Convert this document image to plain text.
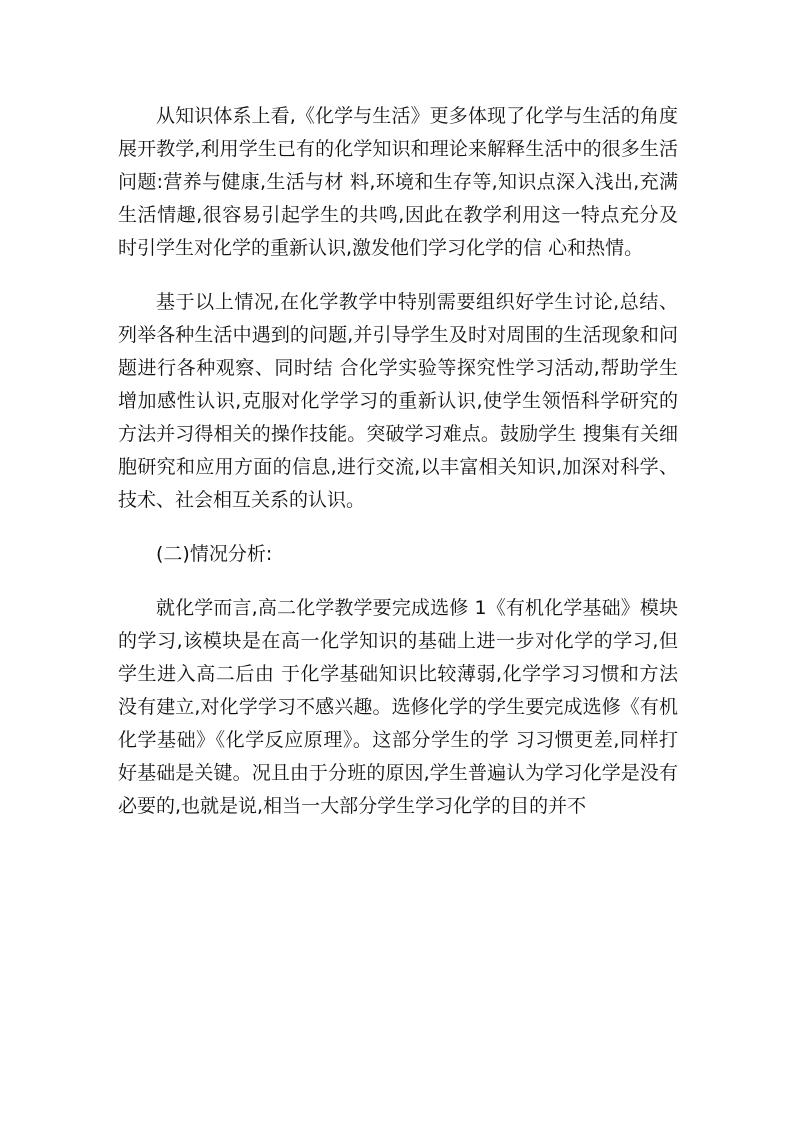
从知识体系上看,《化学与生活》更多体现了化学与生活的角度展开教学,利用学生已有的化学知识和理论来解释生活中的很多生活问题:营养与健康,生活与材 料,环境和生存等,知识点深入浅出,充满生活情趣,很容易引起学生的共鸣,因此在教学利用这一特点充分及时引学生对化学的重新认识,激发他们学习化学的信 心和热情。

基于以上情况,在化学教学中特别需要组织好学生讨论,总结、列举各种生活中遇到的问题,并引导学生及时对周围的生活现象和问题进行各种观察、同时结 合化学实验等探究性学习活动,帮助学生增加感性认识,克服对化学学习的重新认识,使学生领悟科学研究的方法并习得相关的操作技能。突破学习难点。鼓励学生 搜集有关细胞研究和应用方面的信息,进行交流,以丰富相关知识,加深对科学、技术、社会相互关系的认识。

(二)情况分析:

就化学而言,高二化学教学要完成选修 1《有机化学基础》模块的学习,该模块是在高一化学知识的基础上进一步对化学的学习,但学生进入高二后由 于化学基础知识比较薄弱,化学学习习惯和方法没有建立,对化学学习不感兴趣。选修化学的学生要完成选修《有机化学基础》《化学反应原理》。这部分学生的学 习习惯更差,同样打好基础是关键。况且由于分班的原因,学生普遍认为学习化学是没有必要的,也就是说,相当一大部分学生学习化学的目的并不
